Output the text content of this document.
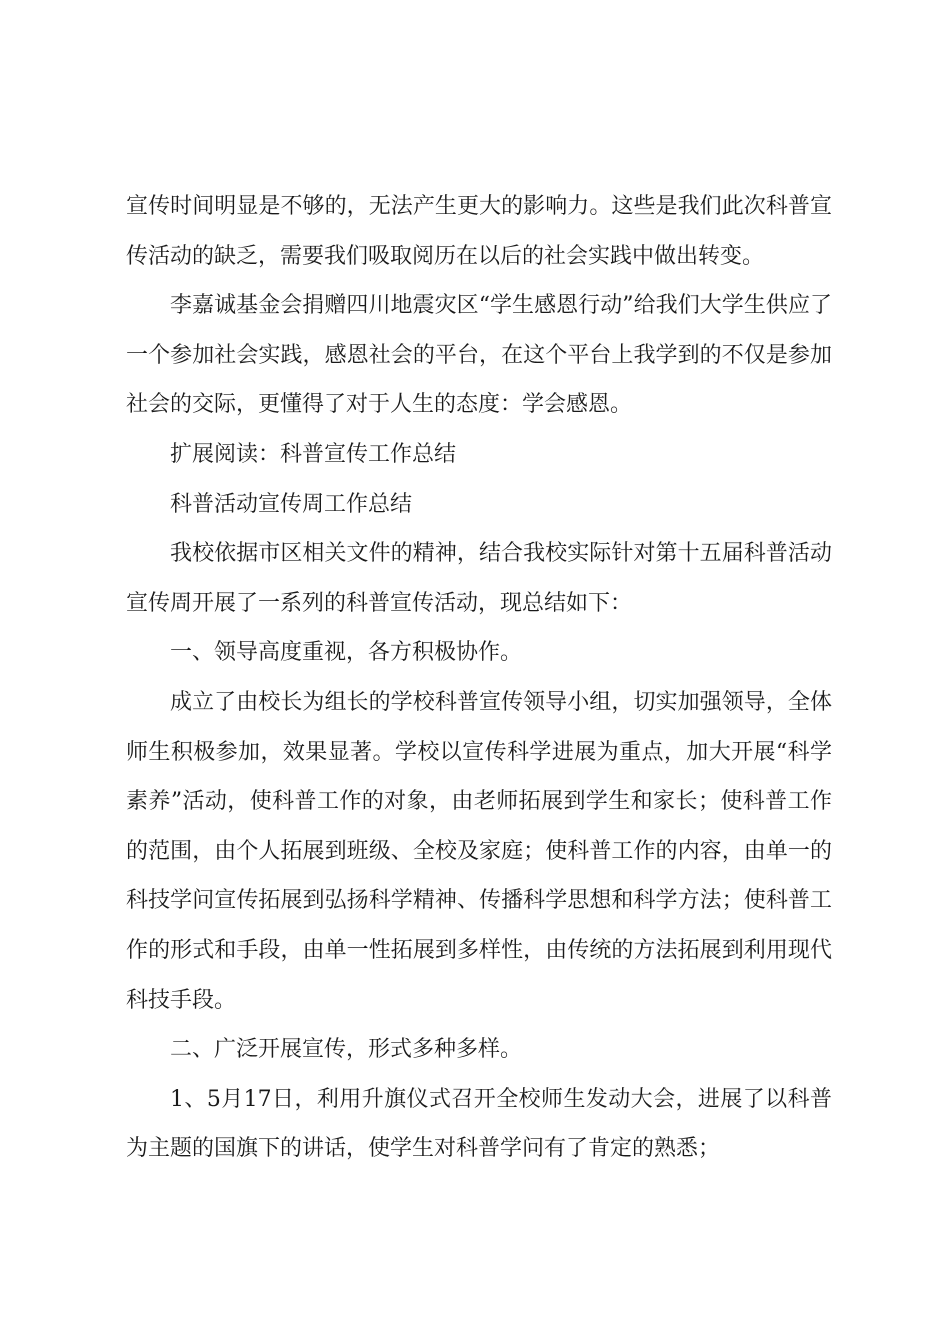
宣传时间明显是不够的，无法产生更大的影响力。这些是我们此次科普宣传活动的缺乏，需要我们吸取阅历在以后的社会实践中做出转变。

李嘉诚基金会捐赠四川地震灾区“学生感恩行动”给我们大学生供应了一个参加社会实践，感恩社会的平台，在这个平台上我学到的不仅是参加社会的交际，更懂得了对于人生的态度：学会感恩。

扩展阅读：科普宣传工作总结

科普活动宣传周工作总结

我校依据市区相关文件的精神，结合我校实际针对第十五届科普活动宣传周开展了一系列的科普宣传活动，现总结如下：

一、领导高度重视，各方积极协作。

成立了由校长为组长的学校科普宣传领导小组，切实加强领导，全体师生积极参加，效果显著。学校以宣传科学进展为重点，加大开展“科学素养”活动，使科普工作的对象，由老师拓展到学生和家长；使科普工作的范围，由个人拓展到班级、全校及家庭；使科普工作的内容，由单一的科技学问宣传拓展到弘扬科学精神、传播科学思想和科学方法；使科普工作的形式和手段，由单一性拓展到多样性，由传统的方法拓展到利用现代科技手段。

二、广泛开展宣传，形式多种多样。

1、5月17日，利用升旗仪式召开全校师生发动大会，进展了以科普为主题的国旗下的讲话，使学生对科普学问有了肯定的熟悉；
